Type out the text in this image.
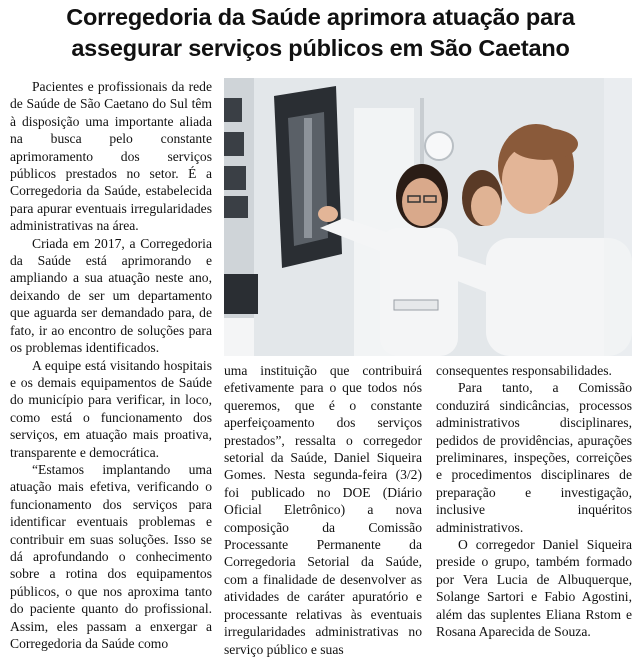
Corregedoria da Saúde aprimora atuação para
assegurar serviços públicos em São Caetano

Pacientes e profissionais da rede de Saúde de São Caetano do Sul têm à disposição uma importante aliada na busca pelo constante aprimoramento dos serviços públicos prestados no setor. É a Corregedoria da Saúde, estabelecida para apurar eventuais irregularidades administrativas na área.

Criada em 2017, a Corregedoria da Saúde está aprimorando e ampliando a sua atuação neste ano, deixando de ser um departamento que aguarda ser demandado para, de fato, ir ao encontro de soluções para os problemas identificados.

A equipe está visitando hospitais e os demais equipamentos de Saúde do município para verificar, in loco, como está o funcionamento dos serviços, em atuação mais proativa, transparente e democrática.

“Estamos implantando uma atuação mais efetiva, verificando o funcionamento dos serviços para identificar eventuais problemas e contribuir em suas soluções. Isso se dá aprofundando o conhecimento sobre a rotina dos equipamentos públicos, o que nos aproxima tanto do paciente quanto do profissional. Assim, eles passam a enxergar a Corregedoria da Saúde como

uma instituição que contribuirá efetivamente para o que todos nós queremos, que é o constante aperfeiçoamento dos serviços prestados”, ressalta o corregedor setorial da Saúde, Daniel Siqueira Gomes. Nesta segunda-feira (3/2) foi publicado no DOE (Diário Oficial Eletrônico) a nova composição da Comissão Processante Permanente da Corregedoria Setorial da Saúde, com a finalidade de desenvolver as atividades de caráter apuratório e processante relativas às eventuais irregularidades administrativas no serviço público e suas

consequentes responsabilidades.

Para tanto, a Comissão conduzirá sindicâncias, processos administrativos disciplinares, pedidos de providências, apurações preliminares, inspeções, correições e procedimentos disciplinares de preparação e investigação, inclusive inquéritos administrativos.

O corregedor Daniel Siqueira preside o grupo, também formado por Vera Lucia de Albuquerque, Solange Sartori e Fabio Agostini, além das suplentes Eliana Rstom e Rosana Aparecida de Souza.
